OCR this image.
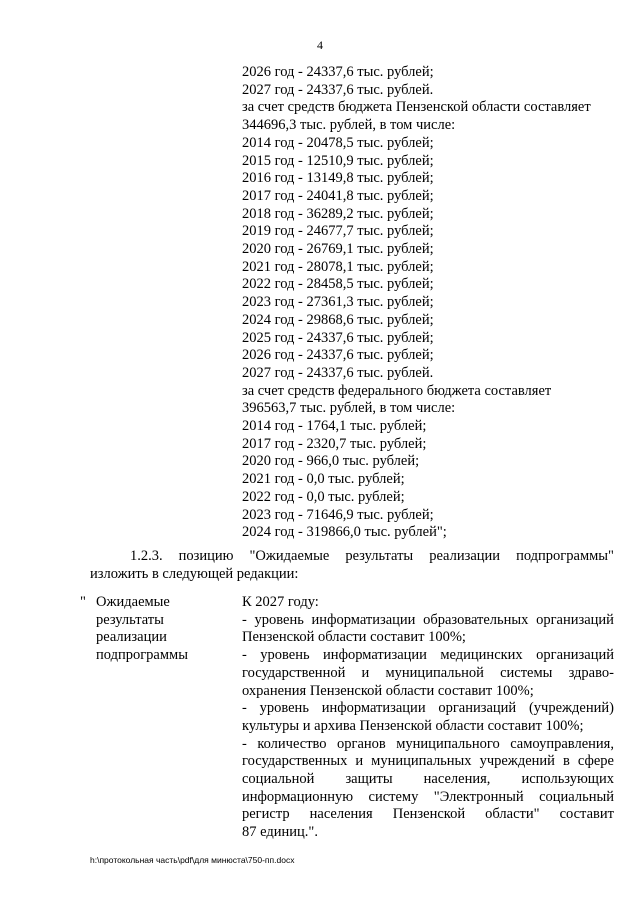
4
2026 год - 24337,6 тыс. рублей;
2027 год - 24337,6 тыс. рублей.
за счет средств бюджета Пензенской области составляет
344696,3 тыс. рублей, в том числе:
2014 год - 20478,5 тыс. рублей;
2015 год - 12510,9 тыс. рублей;
2016 год - 13149,8 тыс. рублей;
2017 год - 24041,8 тыс. рублей;
2018 год - 36289,2 тыс. рублей;
2019 год - 24677,7 тыс. рублей;
2020 год - 26769,1 тыс. рублей;
2021 год - 28078,1 тыс. рублей;
2022 год - 28458,5 тыс. рублей;
2023 год - 27361,3 тыс. рублей;
2024 год - 29868,6 тыс. рублей;
2025 год - 24337,6 тыс. рублей;
2026 год - 24337,6 тыс. рублей;
2027 год - 24337,6 тыс. рублей.
за счет средств федерального бюджета составляет
396563,7 тыс. рублей, в том числе:
2014 год - 1764,1 тыс. рублей;
2017 год - 2320,7 тыс. рублей;
2020 год - 966,0 тыс. рублей;
2021 год - 0,0 тыс. рублей;
2022 год - 0,0 тыс. рублей;
2023 год - 71646,9 тыс. рублей;
2024 год - 319866,0 тыс. рублей";
1.2.3. позицию "Ожидаемые результаты реализации подпрограммы"
изложить в следующей редакции:
" Ожидаемые
результаты
реализации
подпрограммы
К 2027 году:
- уровень информатизации образовательных организаций
Пензенской области составит 100%;
- уровень информатизации медицинских организаций
государственной и муниципальной системы здраво-
охранения Пензенской области составит 100%;
- уровень информатизации организаций (учреждений)
культуры и архива Пензенской области составит 100%;
- количество органов муниципального самоуправления,
государственных и муниципальных учреждений в сфере
социальной защиты населения, использующих
информационную систему "Электронный социальный
регистр населения Пензенской области" составит
87 единиц.".
h:\протокольная часть\pdf\для минюста\750-пп.docx
